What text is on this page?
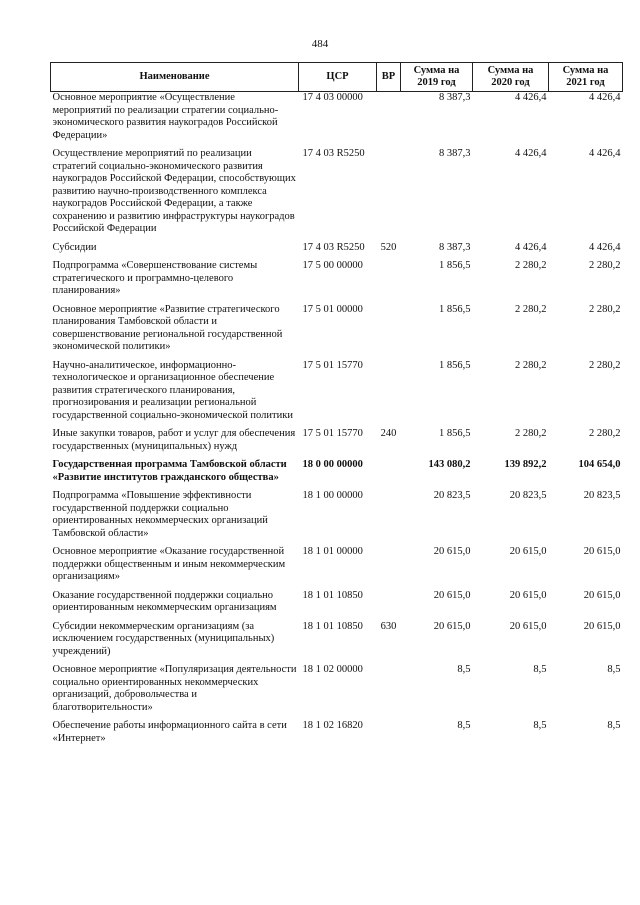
484
Наименование	ЦСР	ВР	Сумма на 2019 год	Сумма на 2020 год	Сумма на 2021 год
Основное мероприятие «Осуществление мероприятий по реализации стратегии социально-экономического развития наукоградов Российской Федерации»	17 4 03 00000		8 387,3	4 426,4	4 426,4
Осуществление мероприятий по реализации стратегий социально-экономического развития наукоградов Российской Федерации, способствующих развитию научно-производственного комплекса наукоградов Российской Федерации, а также сохранению и развитию инфраструктуры наукоградов Российской Федерации	17 4 03 R5250		8 387,3	4 426,4	4 426,4
Субсидии	17 4 03 R5250	520	8 387,3	4 426,4	4 426,4
Подпрограмма «Совершенствование системы стратегического и программно-целевого планирования»	17 5 00 00000		1 856,5	2 280,2	2 280,2
Основное мероприятие «Развитие стратегического планирования Тамбовской области и совершенствование региональной государственной экономической политики»	17 5 01 00000		1 856,5	2 280,2	2 280,2
Научно-аналитическое, информационно-технологическое и организационное обеспечение развития стратегического планирования, прогнозирования и реализации региональной государственной социально-экономической политики	17 5 01 15770		1 856,5	2 280,2	2 280,2
Иные закупки товаров, работ и услуг для обеспечения государственных (муниципальных) нужд	17 5 01 15770	240	1 856,5	2 280,2	2 280,2
Государственная программа Тамбовской области «Развитие институтов гражданского общества»	18 0 00 00000		143 080,2	139 892,2	104 654,0
Подпрограмма «Повышение эффективности государственной поддержки социально ориентированных некоммерческих организаций Тамбовской области»	18 1 00 00000		20 823,5	20 823,5	20 823,5
Основное мероприятие «Оказание государственной поддержки общественным и иным некоммерческим организациям»	18 1 01 00000		20 615,0	20 615,0	20 615,0
Оказание государственной поддержки социально ориентированным некоммерческим организациям	18 1 01 10850		20 615,0	20 615,0	20 615,0
Субсидии некоммерческим организациям (за исключением государственных (муниципальных) учреждений)	18 1 01 10850	630	20 615,0	20 615,0	20 615,0
Основное мероприятие «Популяризация деятельности социально ориентированных некоммерческих организаций, добровольчества и благотворительности»	18 1 02 00000		8,5	8,5	8,5
Обеспечение работы информационного сайта в сети «Интернет»	18 1 02 16820		8,5	8,5	8,5
